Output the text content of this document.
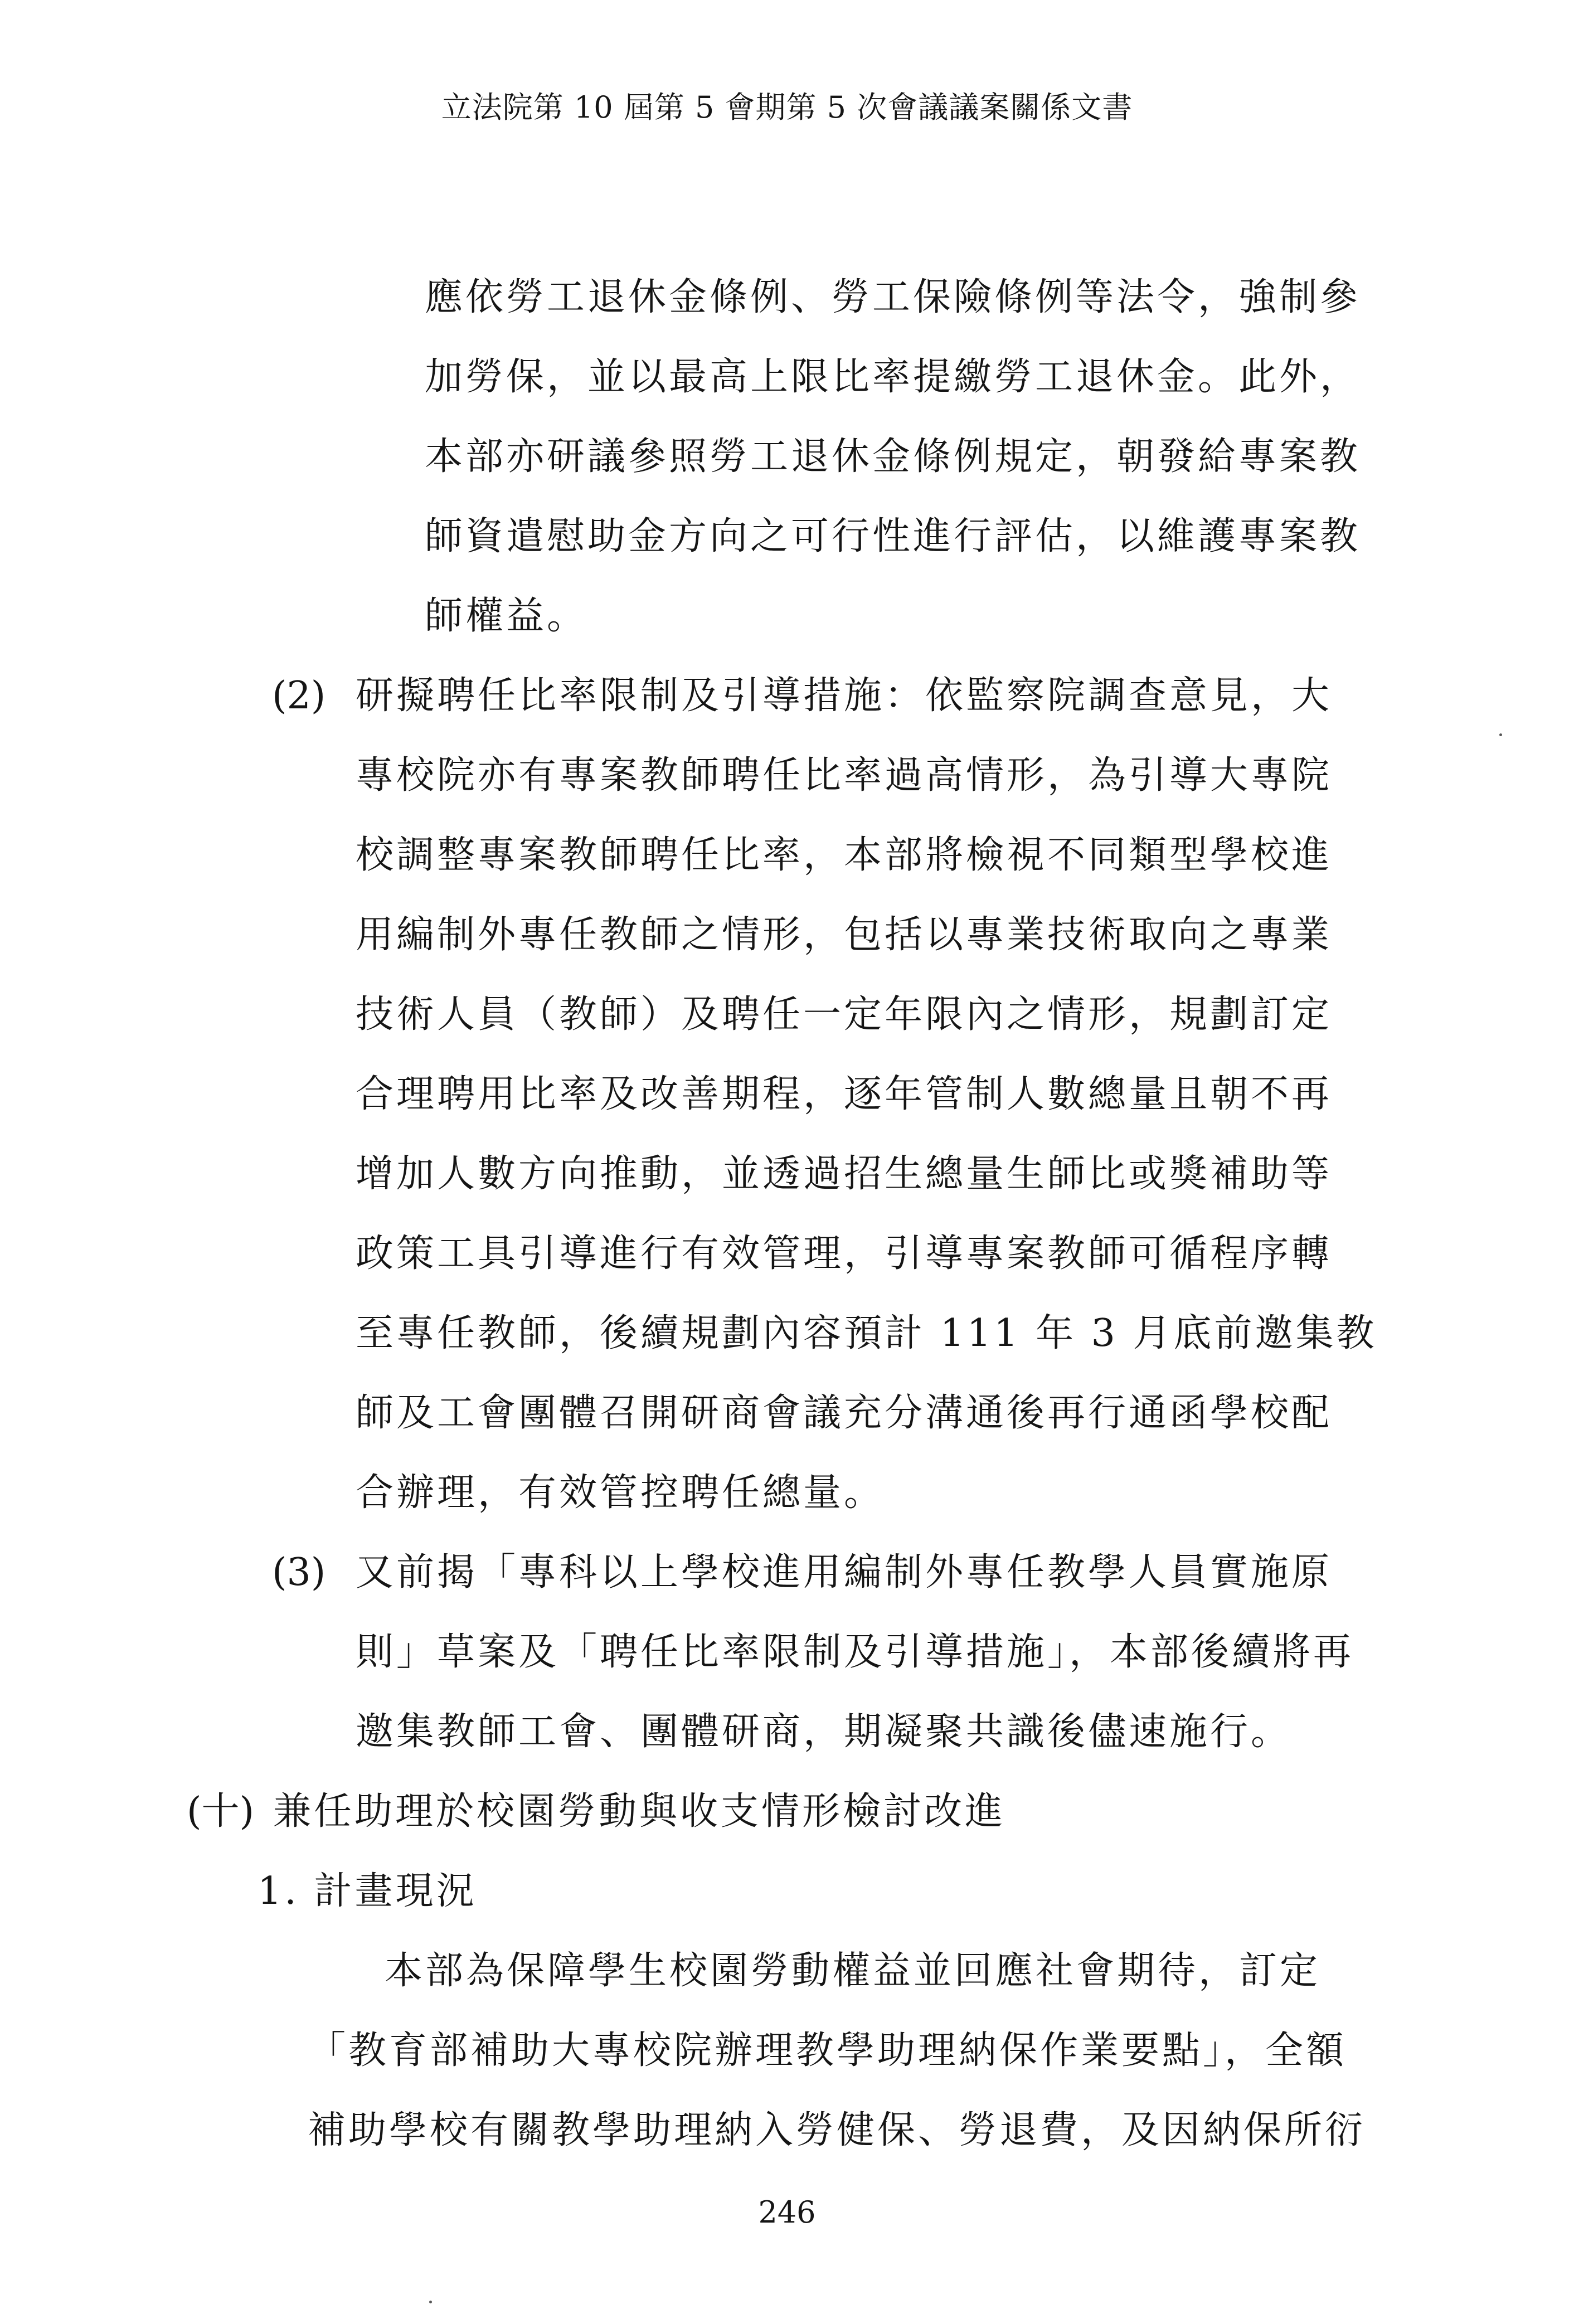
立法院第 10 屆第 5 會期第 5 次會議議案關係文書
應依勞工退休金條例、勞工保險條例等法令，強制參
加勞保，並以最高上限比率提繳勞工退休金。此外，
本部亦研議參照勞工退休金條例規定，朝發給專案教
師資遣慰助金方向之可行性進行評估，以維護專案教
師權益。
(2) 研擬聘任比率限制及引導措施：依監察院調查意見，大
專校院亦有專案教師聘任比率過高情形，為引導大專院
校調整專案教師聘任比率，本部將檢視不同類型學校進
用編制外專任教師之情形，包括以專業技術取向之專業
技術人員（教師）及聘任一定年限內之情形，規劃訂定
合理聘用比率及改善期程，逐年管制人數總量且朝不再
增加人數方向推動，並透過招生總量生師比或獎補助等
政策工具引導進行有效管理，引導專案教師可循程序轉
至專任教師，後續規劃內容預計 111 年 3 月底前邀集教
師及工會團體召開研商會議充分溝通後再行通函學校配
合辦理，有效管控聘任總量。
(3) 又前揭「專科以上學校進用編制外專任教學人員實施原
則」草案及「聘任比率限制及引導措施」，本部後續將再
邀集教師工會、團體研商，期凝聚共識後儘速施行。
(十) 兼任助理於校園勞動與收支情形檢討改進
1. 計畫現況
本部為保障學生校園勞動權益並回應社會期待，訂定
「教育部補助大專校院辦理教學助理納保作業要點」，全額
補助學校有關教學助理納入勞健保、勞退費，及因納保所衍
246
